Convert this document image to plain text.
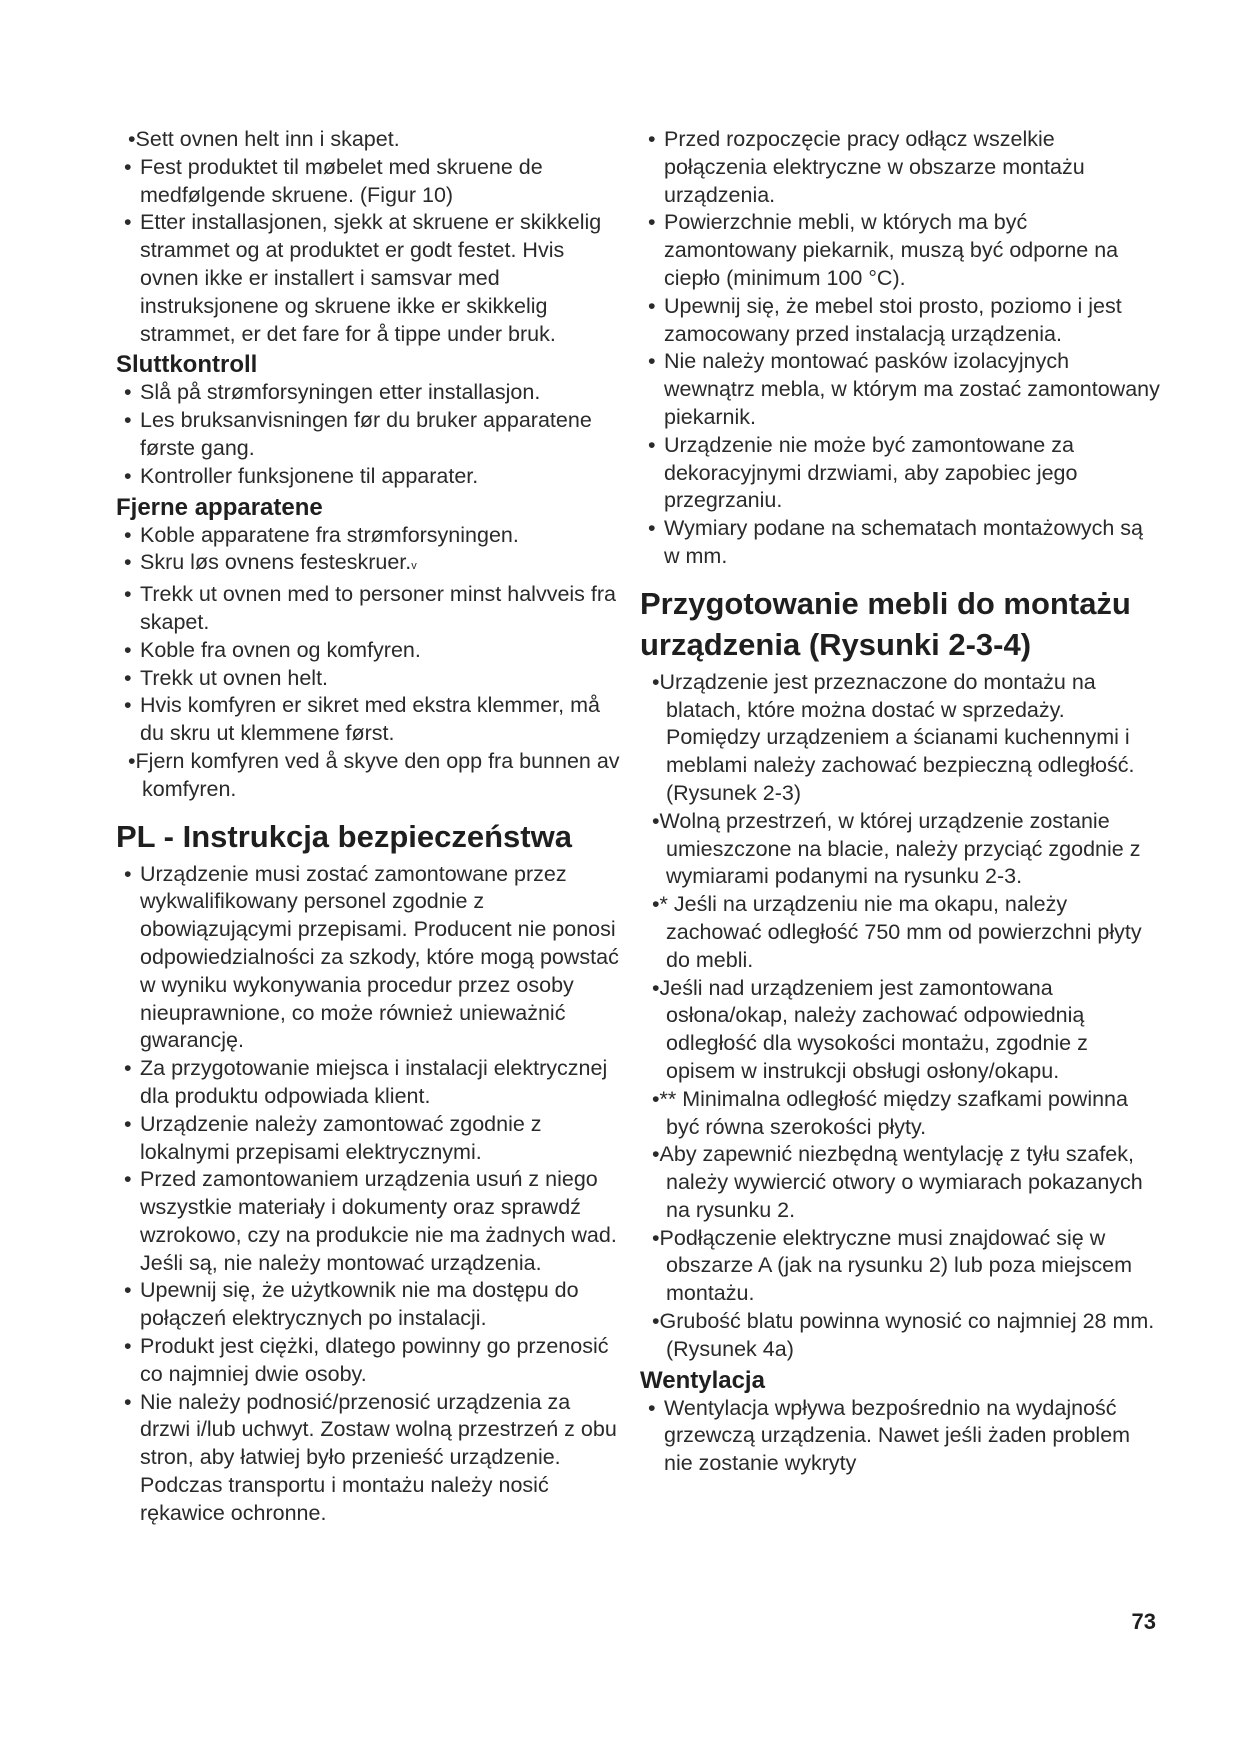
• Sett ovnen helt inn i skapet.

• Fest produktet til møbelet med skruene de medfølgende skruene. (Figur 10)

• Etter installasjonen, sjekk at skruene er skikkelig strammet og at produktet er godt festet. Hvis ovnen ikke er installert i samsvar med instruksjonene og skruene ikke er skikkelig strammet, er det fare for å tippe under bruk.

Sluttkontroll

• Slå på strømforsyningen etter installasjon.

• Les bruksanvisningen før du bruker apparatene første gang.

• Kontroller funksjonene til apparater.

Fjerne apparatene

• Koble apparatene fra strømforsyningen.

• Skru løs ovnens festeskruer.v

• Trekk ut ovnen med to personer minst halvveis fra skapet.

• Koble fra ovnen og komfyren.

• Trekk ut ovnen helt.

• Hvis komfyren er sikret med ekstra klemmer, må du skru ut klemmene først.

• Fjern komfyren ved å skyve den opp fra bunnen av komfyren.

PL - Instrukcja bezpieczeństwa

• Urządzenie musi zostać zamontowane przez wykwalifikowany personel zgodnie z obowiązującymi przepisami. Producent nie ponosi odpowiedzialności za szkody, które mogą powstać w wyniku wykonywania procedur przez osoby nieuprawnione, co może również unieważnić gwarancję.

• Za przygotowanie miejsca i instalacji elektrycznej dla produktu odpowiada klient.

• Urządzenie należy zamontować zgodnie z lokalnymi przepisami elektrycznymi.

• Przed zamontowaniem urządzenia usuń z niego wszystkie materiały i dokumenty oraz sprawdź wzrokowo, czy na produkcie nie ma żadnych wad. Jeśli są, nie należy montować urządzenia.

• Upewnij się, że użytkownik nie ma dostępu do połączeń elektrycznych po instalacji.

• Produkt jest ciężki, dlatego powinny go przenosić co najmniej dwie osoby.

• Nie należy podnosić/przenosić urządzenia za drzwi i/lub uchwyt. Zostaw wolną przestrzeń z obu stron, aby łatwiej było przenieść urządzenie. Podczas transportu i montażu należy nosić rękawice ochronne.

• Przed rozpoczęcie pracy odłącz wszelkie połączenia elektryczne w obszarze montażu urządzenia.

• Powierzchnie mebli, w których ma być zamontowany piekarnik, muszą być odporne na ciepło (minimum 100 °C).

• Upewnij się, że mebel stoi prosto, poziomo i jest zamocowany przed instalacją urządzenia.

• Nie należy montować pasków izolacyjnych wewnątrz mebla, w którym ma zostać zamontowany piekarnik.

• Urządzenie nie może być zamontowane za dekoracyjnymi drzwiami, aby zapobiec jego przegrzaniu.

• Wymiary podane na schematach montażowych są w mm.

Przygotowanie mebli do montażu urządzenia (Rysunki 2-3-4)

• Urządzenie jest przeznaczone do montażu na blatach, które można dostać w sprzedaży. Pomiędzy urządzeniem a ścianami kuchennymi i meblami należy zachować bezpieczną odległość. (Rysunek 2-3)

• Wolną przestrzeń, w której urządzenie zostanie umieszczone na blacie, należy przyciąć zgodnie z wymiarami podanymi na rysunku 2-3.

• * Jeśli na urządzeniu nie ma okapu, należy zachować odległość 750 mm od powierzchni płyty do mebli.

• Jeśli nad urządzeniem jest zamontowana osłona/okap, należy zachować odpowiednią odległość dla wysokości montażu, zgodnie z opisem w instrukcji obsługi osłony/okapu.

• ** Minimalna odległość między szafkami powinna być równa szerokości płyty.

• Aby zapewnić niezbędną wentylację z tyłu szafek, należy wywiercić otwory o wymiarach pokazanych na rysunku 2.

• Podłączenie elektryczne musi znajdować się w obszarze A (jak na rysunku 2) lub poza miejscem montażu.

• Grubość blatu powinna wynosić co najmniej 28 mm. (Rysunek 4a)

Wentylacja

• Wentylacja wpływa bezpośrednio na wydajność grzewczą urządzenia. Nawet jeśli żaden problem nie zostanie wykryty

73
